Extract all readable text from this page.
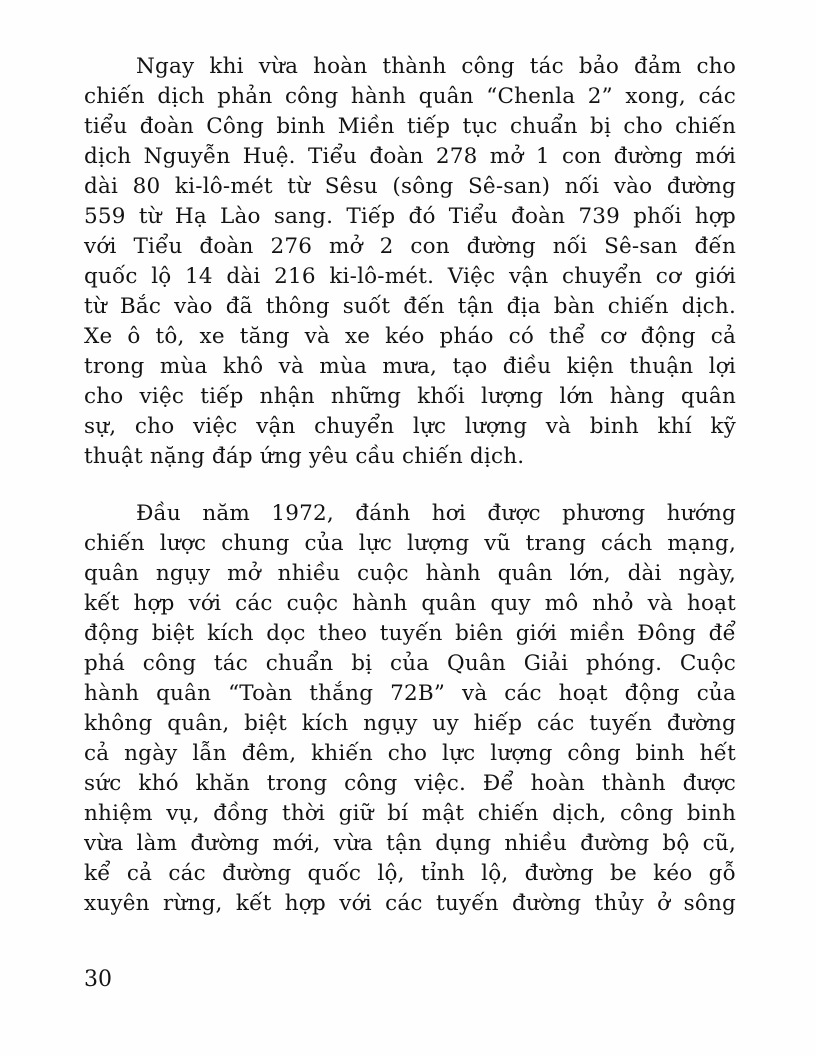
Ngay khi vừa hoàn thành công tác bảo đảm cho
chiến dịch phản công hành quân “Chenla 2” xong, các
tiểu đoàn Công binh Miền tiếp tục chuẩn bị cho chiến
dịch Nguyễn Huệ. Tiểu đoàn 278 mở 1 con đường mới
dài 80 ki-lô-mét từ Sêsu (sông Sê-san) nối vào đường
559 từ Hạ Lào sang. Tiếp đó Tiểu đoàn 739 phối hợp
với Tiểu đoàn 276 mở 2 con đường nối Sê-san đến
quốc lộ 14 dài 216 ki-lô-mét. Việc vận chuyển cơ giới
từ Bắc vào đã thông suốt đến tận địa bàn chiến dịch.
Xe ô tô, xe tăng và xe kéo pháo có thể cơ động cả
trong mùa khô và mùa mưa, tạo điều kiện thuận lợi
cho việc tiếp nhận những khối lượng lớn hàng quân
sự, cho việc vận chuyển lực lượng và binh khí kỹ
thuật nặng đáp ứng yêu cầu chiến dịch.
Đầu năm 1972, đánh hơi được phương hướng
chiến lược chung của lực lượng vũ trang cách mạng,
quân ngụy mở nhiều cuộc hành quân lớn, dài ngày,
kết hợp với các cuộc hành quân quy mô nhỏ và hoạt
động biệt kích dọc theo tuyến biên giới miền Đông để
phá công tác chuẩn bị của Quân Giải phóng. Cuộc
hành quân “Toàn thắng 72B” và các hoạt động của
không quân, biệt kích ngụy uy hiếp các tuyến đường
cả ngày lẫn đêm, khiến cho lực lượng công binh hết
sức khó khăn trong công việc. Để hoàn thành được
nhiệm vụ, đồng thời giữ bí mật chiến dịch, công binh
vừa làm đường mới, vừa tận dụng nhiều đường bộ cũ,
kể cả các đường quốc lộ, tỉnh lộ, đường be kéo gỗ
xuyên rừng, kết hợp với các tuyến đường thủy ở sông
30
